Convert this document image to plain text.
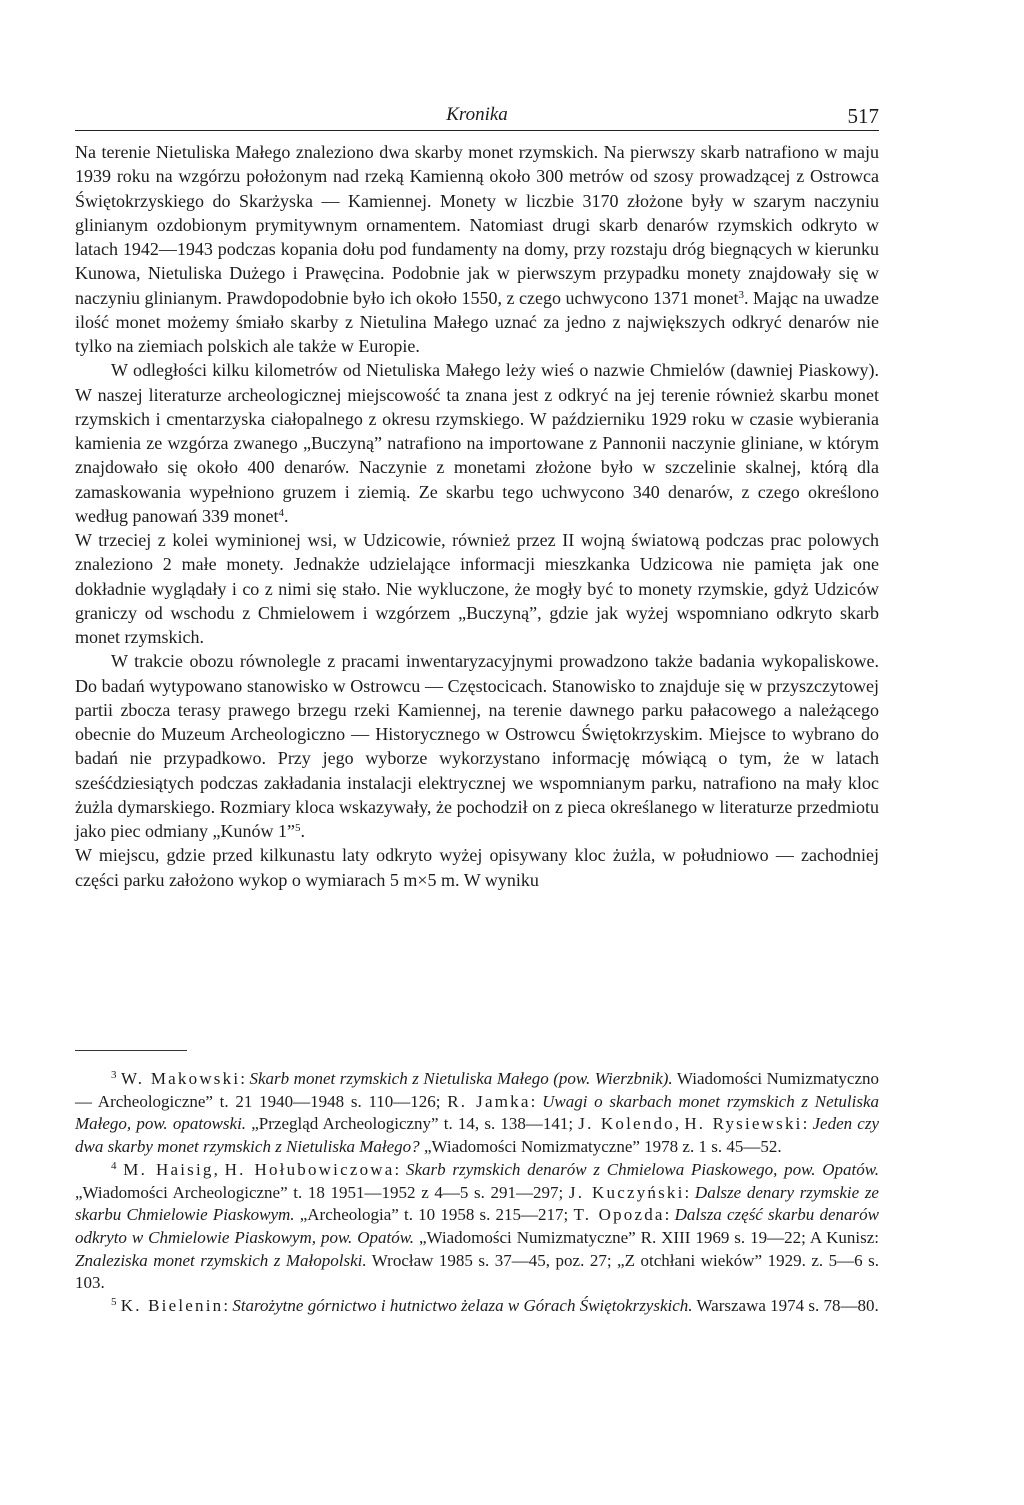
Kronika	517

Na terenie Nietuliska Małego znaleziono dwa skarby monet rzymskich. Na pierwszy skarb natrafiono w maju 1939 roku na wzgórzu położonym nad rzeką Kamienną około 300 metrów od szosy prowadzącej z Ostrowca Świętokrzyskiego do Skarżyska — Kamiennej. Monety w liczbie 3170 złożone były w szarym naczyniu glinianym ozdobionym prymitywnym ornamentem. Natomiast drugi skarb denarów rzymskich odkryto w latach 1942—1943 podczas kopania dołu pod fundamenty na domy, przy rozstaju dróg biegnących w kierunku Kunowa, Nietuliska Dużego i Prawęcina. Podobnie jak w pierwszym przypadku monety znajdowały się w naczyniu glinianym. Prawdopodobnie było ich około 1550, z czego uchwycono 1371 monet$^3$. Mając na uwadze ilość monet możemy śmiało skarby z Nietulina Małego uznać za jedno z największych odkryć denarów nie tylko na ziemiach polskich ale także w Europie.

W odległości kilku kilometrów od Nietuliska Małego leży wieś o nazwie Chmielów (dawniej Piaskowy). W naszej literaturze archeologicznej miejscowość ta znana jest z odkryć na jej terenie również skarbu monet rzymskich i cmentarzyska ciałopalnego z okresu rzymskiego. W październiku 1929 roku w czasie wybierania kamienia ze wzgórza zwanego „Buczyną” natrafiono na importowane z Pannonii naczynie gliniane, w którym znajdowało się około 400 denarów. Naczynie z monetami złożone było w szczelinie skalnej, którą dla zamaskowania wypełniono gruzem i ziemią. Ze skarbu tego uchwycono 340 denarów, z czego określono według panowań 339 monet$^4$.

W trzeciej z kolei wyminionej wsi, w Udzicowie, również przez II wojną światową podczas prac polowych znaleziono 2 małe monety. Jednakże udzielające informacji mieszkanka Udzicowa nie pamięta jak one dokładnie wyglądały i co z nimi się stało. Nie wykluczone, że mogły być to monety rzymskie, gdyż Udziców graniczy od wschodu z Chmielowem i wzgórzem „Buczyną”, gdzie jak wyżej wspomniano odkryto skarb monet rzymskich.

W trakcie obozu równolegle z pracami inwentaryzacyjnymi prowadzono także badania wykopaliskowe. Do badań wytypowano stanowisko w Ostrowcu — Częstocicach. Stanowisko to znajduje się w przyszczytowej partii zbocza terasy prawego brzegu rzeki Kamiennej, na terenie dawnego parku pałacowego a należącego obecnie do Muzeum Archeologiczno — Historycznego w Ostrowcu Świętokrzyskim. Miejsce to wybrano do badań nie przypadkowo. Przy jego wyborze wykorzystano informację mówiącą o tym, że w latach sześćdziesiątych podczas zakładania instalacji elektrycznej we wspomnianym parku, natrafiono na mały kloc żużla dymarskiego. Rozmiary kloca wskazywały, że pochodził on z pieca określanego w literaturze przedmiotu jako piec odmiany „Kunów 1”$^5$.

W miejscu, gdzie przed kilkunastu laty odkryto wyżej opisywany kloc żużla, w południowo — zachodniej części parku założono wykop o wymiarach 5 m×5 m. W wyniku

$^3$ W. Makowski: Skarb monet rzymskich z Nietuliska Małego (pow. Wierzbnik). Wiadomości Numizmatyczno — Archeologiczne” t. 21 1940—1948 s. 110—126; R. Jamka: Uwagi o skarbach monet rzymskich z Netuliska Małego, pow. opatowski. „Przegląd Archeologiczny” t. 14, s. 138—141; J. Kolendo, H. Rysiewski: Jeden czy dwa skarby monet rzymskich z Nietuliska Małego? „Wiadomości Nomizmatyczne” 1978 z. 1 s. 45—52.

$^4$ M. Haisig, H. Hołubowiczowa: Skarb rzymskich denarów z Chmielowa Piaskowego, pow. Opatów. „Wiadomości Archeologiczne” t. 18 1951—1952 z 4—5 s. 291—297; J. Kuczyński: Dalsze denary rzymskie ze skarbu Chmielowie Piaskowym. „Archeologia” t. 10 1958 s. 215—217; T. Opozda: Dalsza część skarbu denarów odkryto w Chmielowie Piaskowym, pow. Opatów. „Wiadomości Numizmatyczne” R. XIII 1969 s. 19—22; A Kunisz: Znaleziska monet rzymskich z Małopolski. Wrocław 1985 s. 37—45, poz. 27; „Z otchłani wieków” 1929. z. 5—6 s. 103.

$^5$ K. Bielenin: Starożytne górnictwo i hutnictwo żelaza w Górach Świętokrzyskich. Warszawa 1974 s. 78—80.
